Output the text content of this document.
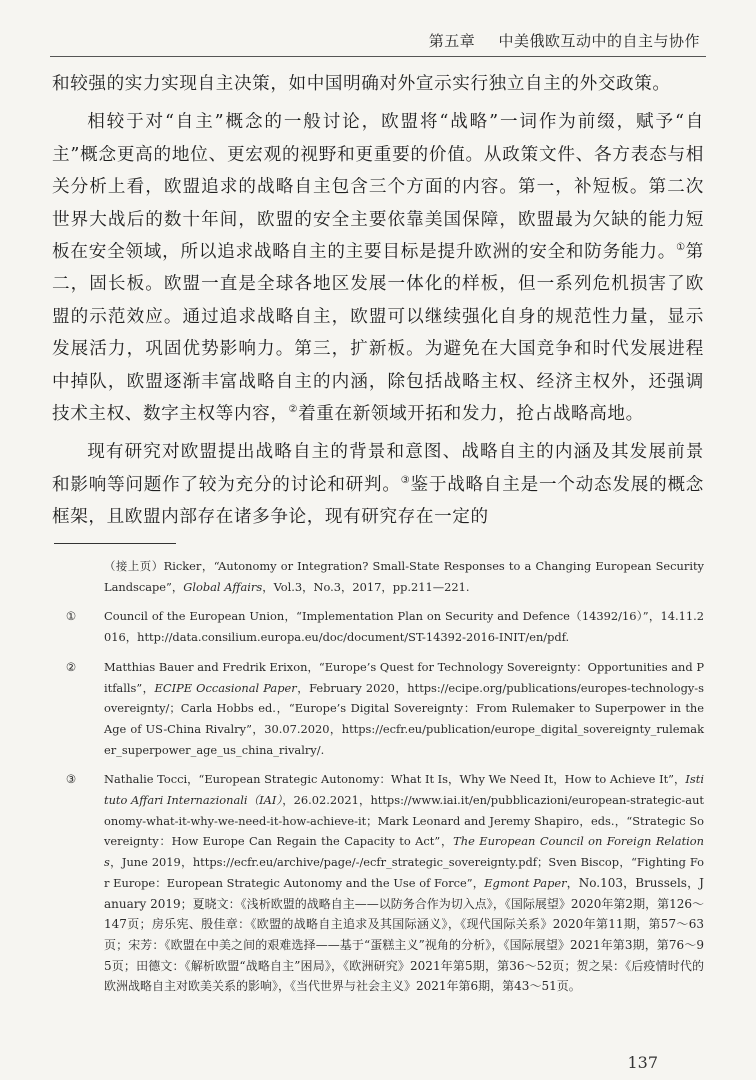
第五章 中美俄欧互动中的自主与协作

和较强的实力实现自主决策，如中国明确对外宣示实行独立自主的外交政策。

相较于对“自主”概念的一般讨论，欧盟将“战略”一词作为前缀，赋予“自主”概念更高的地位、更宏观的视野和更重要的价值。从政策文件、各方表态与相关分析上看，欧盟追求的战略自主包含三个方面的内容。第一，补短板。第二次世界大战后的数十年间，欧盟的安全主要依靠美国保障，欧盟最为欠缺的能力短板在安全领域，所以追求战略自主的主要目标是提升欧洲的安全和防务能力。①第二，固长板。欧盟一直是全球各地区发展一体化的样板，但一系列危机损害了欧盟的示范效应。通过追求战略自主，欧盟可以继续强化自身的规范性力量，显示发展活力，巩固优势影响力。第三，扩新板。为避免在大国竞争和时代发展进程中掉队，欧盟逐渐丰富战略自主的内涵，除包括战略主权、经济主权外，还强调技术主权、数字主权等内容，②着重在新领域开拓和发力，抢占战略高地。

现有研究对欧盟提出战略自主的背景和意图、战略自主的内涵及其发展前景和影响等问题作了较为充分的讨论和研判。③鉴于战略自主是一个动态发展的概念框架，且欧盟内部存在诸多争论，现有研究存在一定的

（接上页）Ricker，“Autonomy or Integration? Small-State Responses to a Changing European Security Landscape”，Global Affairs，Vol.3，No.3，2017，pp.211—221.
①	Council of the European Union，“Implementation Plan on Security and Defence（14392/16）”，14.11.2016，http://data.consilium.europa.eu/doc/document/ST-14392-2016-INIT/en/pdf.
②	Matthias Bauer and Fredrik Erixon，“Europe’s Quest for Technology Sovereignty：Opportunities and Pitfalls”，ECIPE Occasional Paper，February 2020，https://ecipe.org/publications/europes-technology-sovereignty/；Carla Hobbs ed.，“Europe’s Digital Sovereignty：From Rulemaker to Superpower in the Age of US-China Rivalry”，30.07.2020，https://ecfr.eu/publication/europe_digital_sovereignty_rulemaker_superpower_age_us_china_rivalry/.
③	Nathalie Tocci，“European Strategic Autonomy：What It Is，Why We Need It，How to Achieve It”，Istituto Affari Internazionali（IAI），26.02.2021，https://www.iai.it/en/pubblicazioni/european-strategic-autonomy-what-it-why-we-need-it-how-achieve-it；Mark Leonard and Jeremy Shapiro，eds.，“Strategic Sovereignty：How Europe Can Regain the Capacity to Act”，The European Council on Foreign Relations，June 2019，https://ecfr.eu/archive/page/-/ecfr_strategic_sovereignty.pdf；Sven Biscop，“Fighting For Europe：European Strategic Autonomy and the Use of Force”，Egmont Paper，No.103，Brussels，January 2019；夏晓文：《浅析欧盟的战略自主——以防务合作为切入点》，《国际展望》2020年第2期，第126～147页；房乐宪、殷佳章：《欧盟的战略自主追求及其国际涵义》，《现代国际关系》2020年第11期，第57～63页；宋芳：《欧盟在中美之间的艰难选择——基于“蛋糕主义”视角的分析》，《国际展望》2021年第3期，第76～95页；田德文：《解析欧盟“战略自主”困局》，《欧洲研究》2021年第5期，第36～52页；贺之杲：《后疫情时代的欧洲战略自主对欧美关系的影响》，《当代世界与社会主义》2021年第6期，第43～51页。
137
